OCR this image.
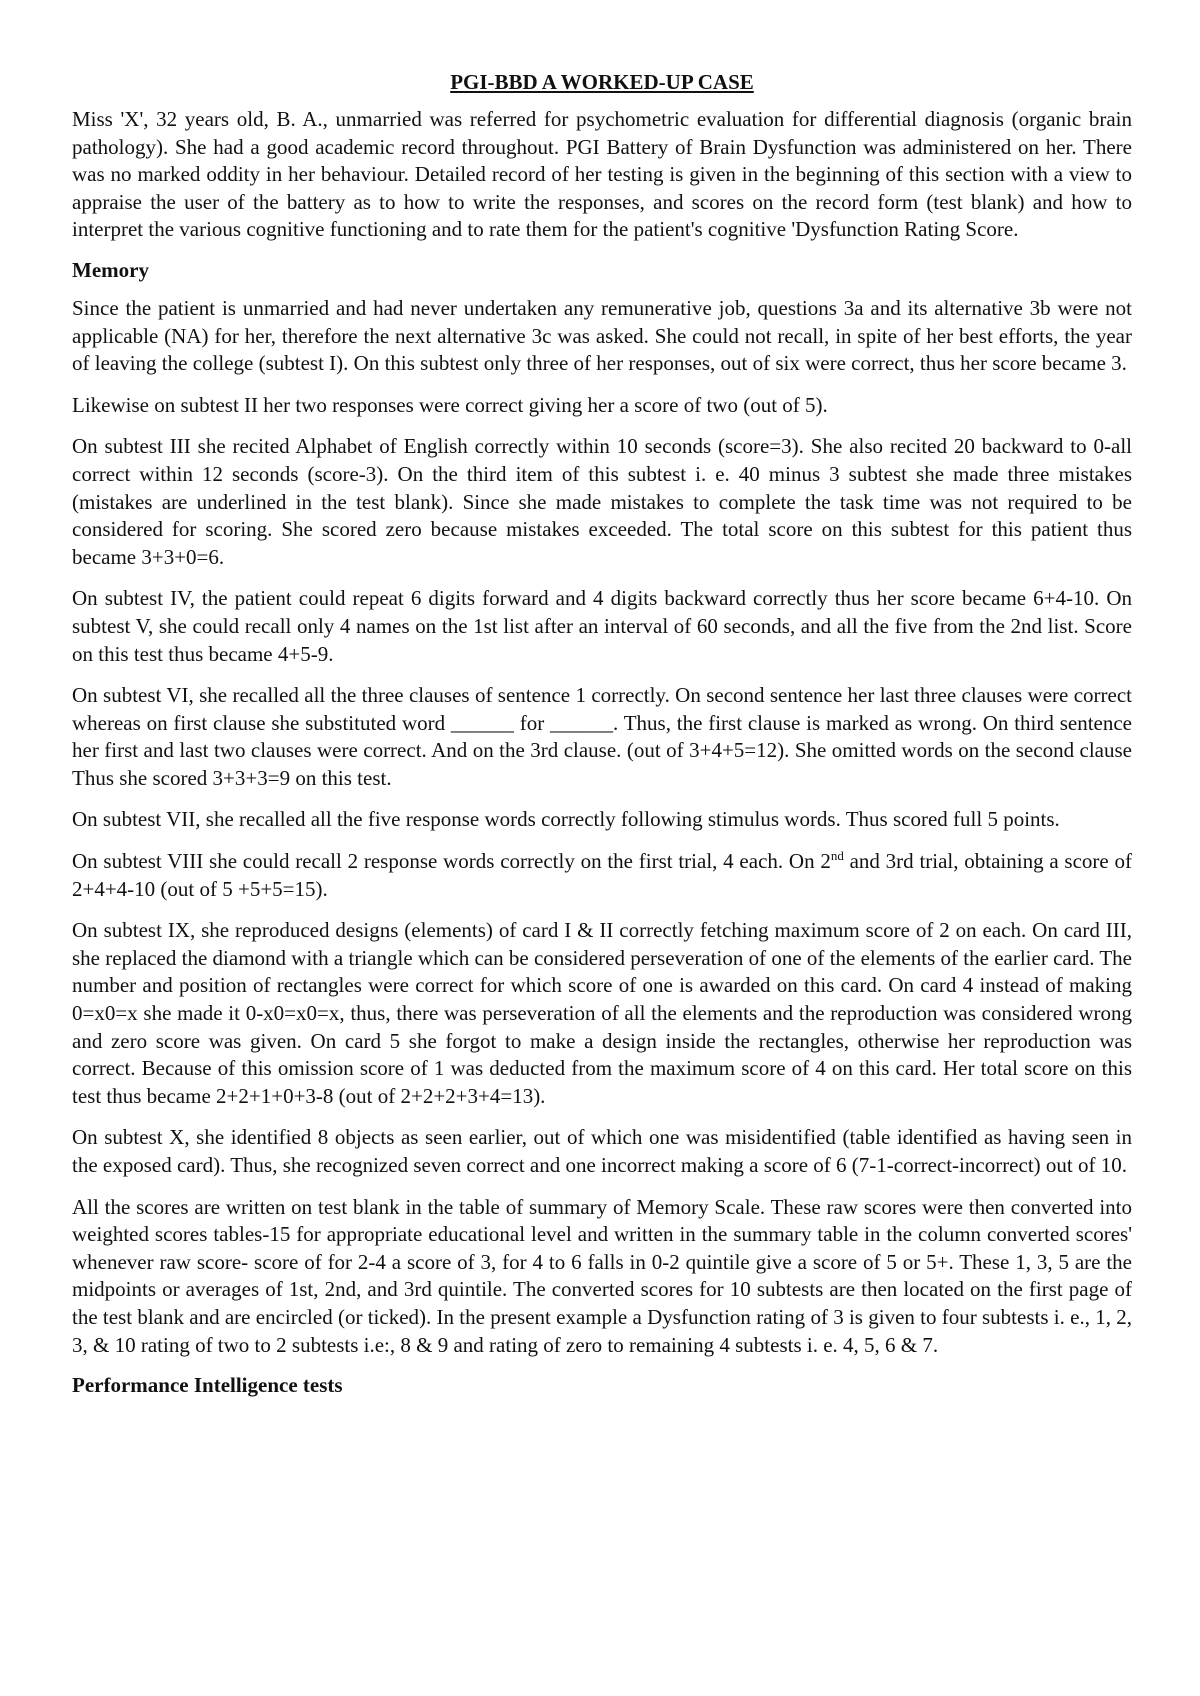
PGI-BBD A WORKED-UP CASE

Miss 'X', 32 years old, B. A., unmarried was referred for psychometric evaluation for differential diagnosis (organic brain pathology). She had a good academic record throughout. PGI Battery of Brain Dysfunction was administered on her. There was no marked oddity in her behaviour. Detailed record of her testing is given in the beginning of this section with a view to appraise the user of the battery as to how to write the responses, and scores on the record form (test blank) and how to interpret the various cognitive functioning and to rate them for the patient's cognitive 'Dysfunction Rating Score.

Memory

Since the patient is unmarried and had never undertaken any remunerative job, questions 3a and its alternative 3b were not applicable (NA) for her, therefore the next alternative 3c was asked. She could not recall, in spite of her best efforts, the year of leaving the college (subtest I). On this subtest only three of her responses, out of six were correct, thus her score became 3.

Likewise on subtest II her two responses were correct giving her a score of two (out of 5).

On subtest III she recited Alphabet of English correctly within 10 seconds (score=3). She also recited 20 backward to 0-all correct within 12 seconds (score-3). On the third item of this subtest i. e. 40 minus 3 subtest she made three mistakes (mistakes are underlined in the test blank). Since she made mistakes to complete the task time was not required to be considered for scoring. She scored zero because mistakes exceeded. The total score on this subtest for this patient thus became 3+3+0=6.

On subtest IV, the patient could repeat 6 digits forward and 4 digits backward correctly thus her score became 6+4-10. On subtest V, she could recall only 4 names on the 1st list after an interval of 60 seconds, and all the five from the 2nd list. Score on this test thus became 4+5-9.

On subtest VI, she recalled all the three clauses of sentence 1 correctly. On second sentence her last three clauses were correct whereas on first clause she substituted word ______ for ______. Thus, the first clause is marked as wrong. On third sentence her first and last two clauses were correct. And on the 3rd clause. (out of 3+4+5=12). She omitted words on the second clause Thus she scored 3+3+3=9 on this test.

On subtest VII, she recalled all the five response words correctly following stimulus words. Thus scored full 5 points.

On subtest VIII she could recall 2 response words correctly on the first trial, 4 each. On 2nd and 3rd trial, obtaining a score of 2+4+4-10 (out of 5 +5+5=15).

On subtest IX, she reproduced designs (elements) of card I & II correctly fetching maximum score of 2 on each. On card III, she replaced the diamond with a triangle which can be considered perseveration of one of the elements of the earlier card. The number and position of rectangles were correct for which score of one is awarded on this card. On card 4 instead of making 0=x0=x she made it 0-x0=x0=x, thus, there was perseveration of all the elements and the reproduction was considered wrong and zero score was given. On card 5 she forgot to make a design inside the rectangles, otherwise her reproduction was correct. Because of this omission score of 1 was deducted from the maximum score of 4 on this card. Her total score on this test thus became 2+2+1+0+3-8 (out of 2+2+2+3+4=13).

On subtest X, she identified 8 objects as seen earlier, out of which one was misidentified (table identified as having seen in the exposed card). Thus, she recognized seven correct and one incorrect making a score of 6 (7-1-correct-incorrect) out of 10.

All the scores are written on test blank in the table of summary of Memory Scale. These raw scores were then converted into weighted scores tables-15 for appropriate educational level and written in the summary table in the column converted scores' whenever raw score- score of for 2-4 a score of 3, for 4 to 6 falls in 0-2 quintile give a score of 5 or 5+. These 1, 3, 5 are the midpoints or averages of 1st, 2nd, and 3rd quintile. The converted scores for 10 subtests are then located on the first page of the test blank and are encircled (or ticked). In the present example a Dysfunction rating of 3 is given to four subtests i. e., 1, 2, 3, & 10 rating of two to 2 subtests i.e:, 8 & 9 and rating of zero to remaining 4 subtests i. e. 4, 5, 6 & 7.

Performance Intelligence tests
